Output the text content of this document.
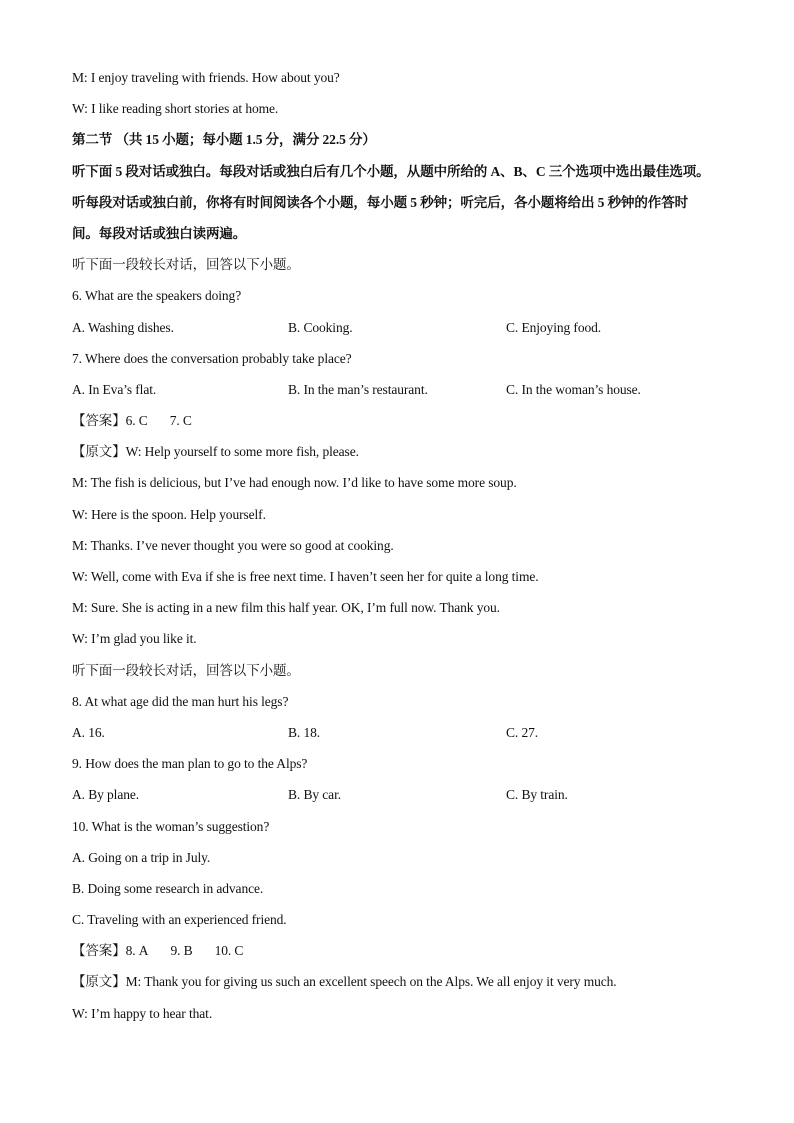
M: I enjoy traveling with friends. How about you?
W: I like reading short stories at home.
第二节 （共 15 小题；每小题 1.5 分，满分 22.5 分）
听下面 5 段对话或独白。每段对话或独白后有几个小题，从题中所给的 A、B、C 三个选项中选出最佳选项。
听每段对话或独白前，你将有时间阅读各个小题，每小题 5 秒钟；听完后，各小题将给出 5 秒钟的作答时
间。每段对话或独白读两遍。
听下面一段较长对话，回答以下小题。
6. What are the speakers doing?
A. Washing dishes.	B. Cooking.	C. Enjoying food.
7. Where does the conversation probably take place?
A. In Eva’s flat.	B. In the man’s restaurant.	C. In the woman’s house.
【答案】6. C 7. C
【原文】W: Help yourself to some more fish, please.
M: The fish is delicious, but I’ve had enough now. I’d like to have some more soup.
W: Here is the spoon. Help yourself.
M: Thanks. I’ve never thought you were so good at cooking.
W: Well, come with Eva if she is free next time. I haven’t seen her for quite a long time.
M: Sure. She is acting in a new film this half year. OK, I’m full now. Thank you.
W: I’m glad you like it.
听下面一段较长对话，回答以下小题。
8. At what age did the man hurt his legs?
A. 16.	B. 18.	C. 27.
9. How does the man plan to go to the Alps?
A. By plane.	B. By car.	C. By train.
10. What is the woman’s suggestion?
A. Going on a trip in July.
B. Doing some research in advance.
C. Traveling with an experienced friend.
【答案】8. A 9. B 10. C
【原文】M: Thank you for giving us such an excellent speech on the Alps. We all enjoy it very much.
W: I’m happy to hear that.
